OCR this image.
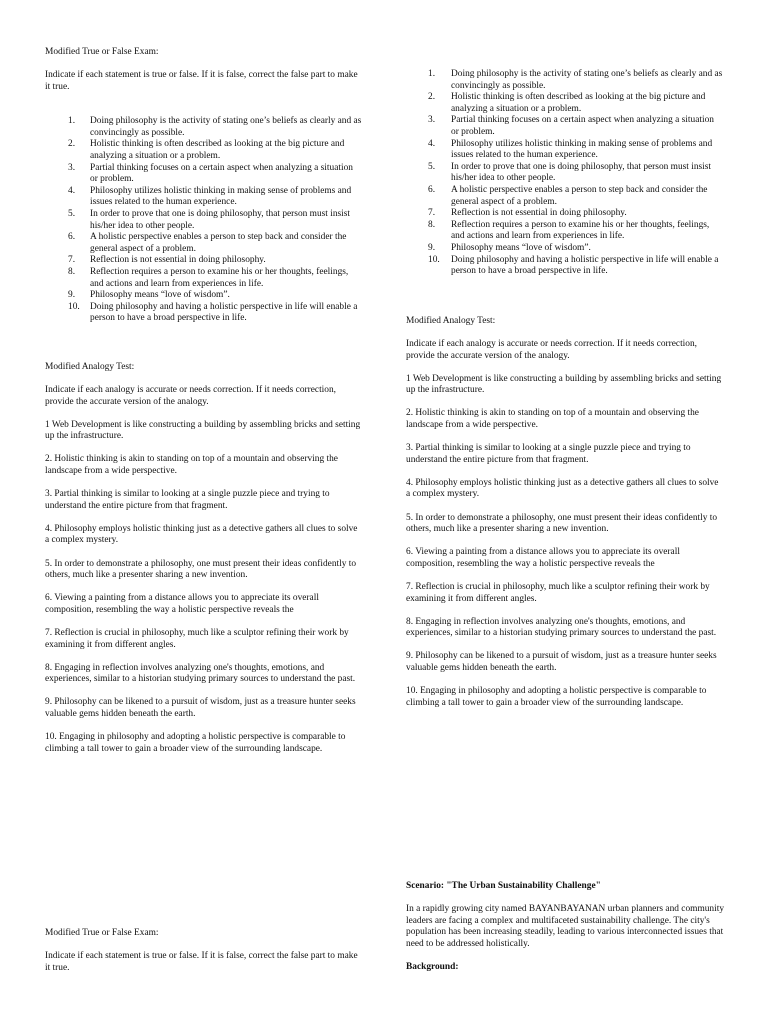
Modified True or False Exam:

Indicate if each statement is true or false. If it is false, correct the false part to make it true.

1. Doing philosophy is the activity of stating one’s beliefs as clearly and as convincingly as possible.
2. Holistic thinking is often described as looking at the big picture and analyzing a situation or a problem.
3. Partial thinking focuses on a certain aspect when analyzing a situation or problem.
4. Philosophy utilizes holistic thinking in making sense of problems and issues related to the human experience.
5. In order to prove that one is doing philosophy, that person must insist his/her idea to other people.
6. A holistic perspective enables a person to step back and consider the general aspect of a problem.
7. Reflection is not essential in doing philosophy.
8. Reflection requires a person to examine his or her thoughts, feelings, and actions and learn from experiences in life.
9. Philosophy means “love of wisdom”.
10. Doing philosophy and having a holistic perspective in life will enable a person to have a broad perspective in life.

Modified Analogy Test:

Indicate if each analogy is accurate or needs correction. If it needs correction, provide the accurate version of the analogy.

1 Web Development is like constructing a building by assembling bricks and setting up the infrastructure.

2. Holistic thinking is akin to standing on top of a mountain and observing the landscape from a wide perspective.

3. Partial thinking is similar to looking at a single puzzle piece and trying to understand the entire picture from that fragment.

4. Philosophy employs holistic thinking just as a detective gathers all clues to solve a complex mystery.

5. In order to demonstrate a philosophy, one must present their ideas confidently to others, much like a presenter sharing a new invention.

6. Viewing a painting from a distance allows you to appreciate its overall composition, resembling the way a holistic perspective reveals the

7. Reflection is crucial in philosophy, much like a sculptor refining their work by examining it from different angles.

8. Engaging in reflection involves analyzing one's thoughts, emotions, and experiences, similar to a historian studying primary sources to understand the past.

9. Philosophy can be likened to a pursuit of wisdom, just as a treasure hunter seeks valuable gems hidden beneath the earth.

10. Engaging in philosophy and adopting a holistic perspective is comparable to climbing a tall tower to gain a broader view of the surrounding landscape.

Modified True or False Exam:

Indicate if each statement is true or false. If it is false, correct the false part to make it true.

1. Doing philosophy is the activity of stating one’s beliefs as clearly and as convincingly as possible.
2. Holistic thinking is often described as looking at the big picture and analyzing a situation or a problem.
3. Partial thinking focuses on a certain aspect when analyzing a situation or problem.
4. Philosophy utilizes holistic thinking in making sense of problems and issues related to the human experience.
5. In order to prove that one is doing philosophy, that person must insist his/her idea to other people.
6. A holistic perspective enables a person to step back and consider the general aspect of a problem.
7. Reflection is not essential in doing philosophy.
8. Reflection requires a person to examine his or her thoughts, feelings, and actions and learn from experiences in life.
9. Philosophy means “love of wisdom”.
10. Doing philosophy and having a holistic perspective in life will enable a person to have a broad perspective in life.

Modified Analogy Test:

Indicate if each analogy is accurate or needs correction. If it needs correction, provide the accurate version of the analogy.

1 Web Development is like constructing a building by assembling bricks and setting up the infrastructure.

2. Holistic thinking is akin to standing on top of a mountain and observing the landscape from a wide perspective.

3. Partial thinking is similar to looking at a single puzzle piece and trying to understand the entire picture from that fragment.

4. Philosophy employs holistic thinking just as a detective gathers all clues to solve a complex mystery.

5. In order to demonstrate a philosophy, one must present their ideas confidently to others, much like a presenter sharing a new invention.

6. Viewing a painting from a distance allows you to appreciate its overall composition, resembling the way a holistic perspective reveals the

7. Reflection is crucial in philosophy, much like a sculptor refining their work by examining it from different angles.

8. Engaging in reflection involves analyzing one's thoughts, emotions, and experiences, similar to a historian studying primary sources to understand the past.

9. Philosophy can be likened to a pursuit of wisdom, just as a treasure hunter seeks valuable gems hidden beneath the earth.

10. Engaging in philosophy and adopting a holistic perspective is comparable to climbing a tall tower to gain a broader view of the surrounding landscape.

Scenario: "The Urban Sustainability Challenge"

In a rapidly growing city named BAYANBAYANAN urban planners and community leaders are facing a complex and multifaceted sustainability challenge. The city's population has been increasing steadily, leading to various interconnected issues that need to be addressed holistically.

Background:
